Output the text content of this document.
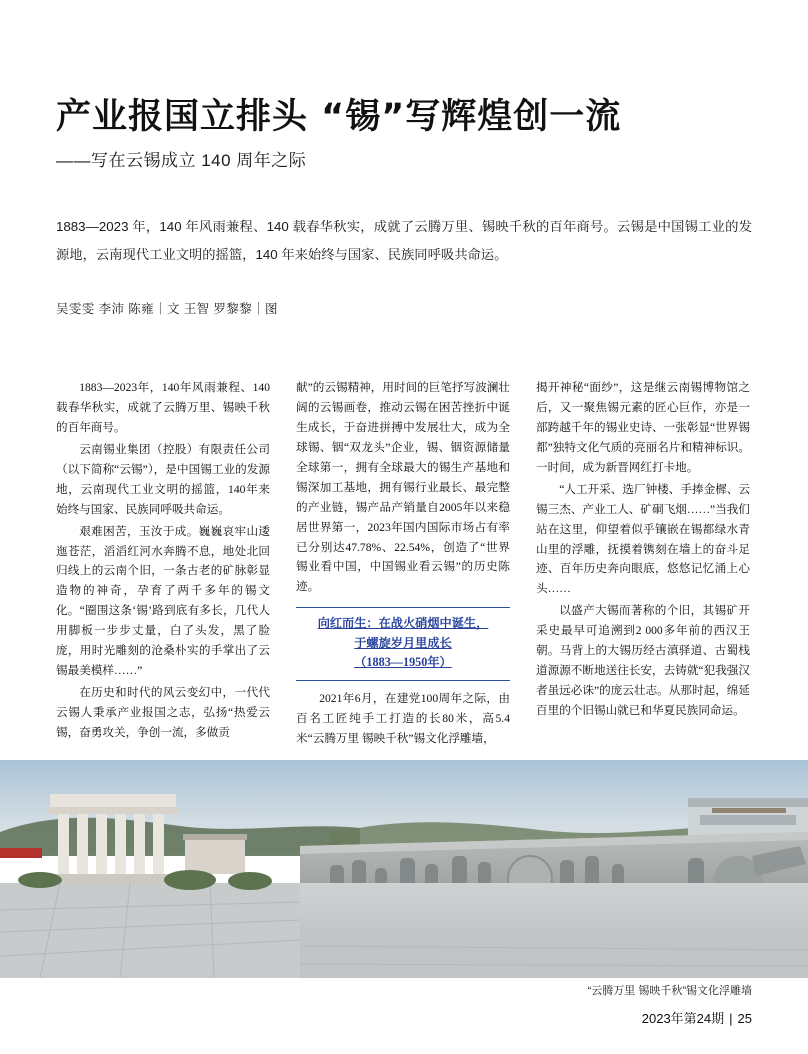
产业报国立排头 “锡”写辉煌创一流
——写在云锡成立 140 周年之际
1883—2023 年，140 年风雨兼程、140 载春华秋实，成就了云腾万里、锡映千秋的百年商号。云锡是中国锡工业的发源地，云南现代工业文明的摇篮，140 年来始终与国家、民族同呼吸共命运。
吴雯雯 李沛 陈雍｜文 王智 罗黎黎｜图

1883—2023年，140年风雨兼程、140载春华秋实，成就了云腾万里、锡映千秋的百年商号。

云南锡业集团（控股）有限责任公司（以下简称“云锡”），是中国锡工业的发源地，云南现代工业文明的摇篮，140年来始终与国家、民族同呼吸共命运。

艰难困苦，玉汝于成。巍巍哀牢山逶迤苍茫，滔滔红河水奔腾不息，地处北回归线上的云南个旧，一条古老的矿脉彰显造物的神奇，孕育了两千多年的锡文化。“圈围这条‘锡’路到底有多长，几代人用脚板一步步丈量，白了头发，黑了脸庞，用时光雕刻的沧桑朴实的手掌出了云锡最美模样……”

在历史和时代的风云变幻中，一代代云锡人秉承产业报国之志，弘扬“热爱云锡，奋勇攻关，争创一流，多做贡

献”的云锡精神，用时间的巨笔抒写波澜壮阔的云锡画卷，推动云锡在困苦挫折中诞生成长，于奋进拼搏中发展壮大，成为全球锡、铟“双龙头”企业，锡、铟资源储量全球第一，拥有全球最大的锡生产基地和锡深加工基地，拥有锡行业最长、最完整的产业链，锡产品产销量自2005年以来稳居世界第一，2023年国内国际市场占有率已分别达47.78%、22.54%，创造了“世界锡业看中国，中国锡业看云锡”的历史陈迹。

向红而生：在战火硝烟中诞生，
于螺旋岁月里成长
（1883—1950年）

2021年6月，在建党100周年之际，由百名工匠纯手工打造的长80米，高5.4米“云腾万里 锡映千秋”锡文化浮雕墙，

揭开神秘“面纱”，这是继云南锡博物馆之后，又一聚焦锡元素的匠心巨作，亦是一部跨越千年的锡业史诗、一张彰显“世界锡都”独特文化气质的亮丽名片和精神标识。一时间，成为新晋网红打卡地。

“人工开采、选厂钟楼、手捧金樨、云锡三杰、产业工人、矿硐飞烟……”当我们站在这里，仰望着似乎镶嵌在锡都绿水青山里的浮雕，抚摸着镌刻在墙上的奋斗足迹、百年历史奔向眼底，悠悠记忆涌上心头……

以盛产大锡而著称的个旧，其锡矿开采史最早可追溯到2 000多年前的西汉王朝。马背上的大锡历经古滇驿道、古蜀栈道源源不断地送往长安，去铸就“犯我强汉者虽远必诛”的庞云壮志。从那时起，绵延百里的个旧锡山就已和华夏民族同命运。

“云腾万里 锡映千秋”锡文化浮雕墙
2023年第24期 | 25
